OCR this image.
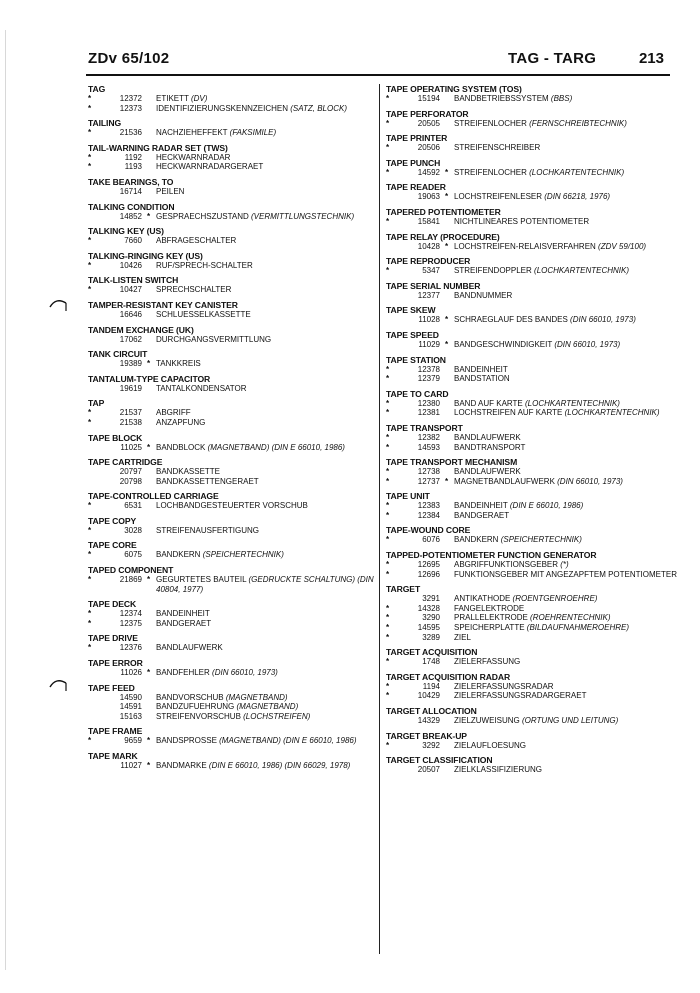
ZDv 65/102	TAG - TARG	213
TAG
*	12372 ETIKETT (DV)
*	12373 IDENTIFIZIERUNGSKENNZEICHEN (SATZ, BLOCK)
TAILING
*	21536 NACHZIEHEFFEKT (FAKSIMILE)
TAIL-WARNING RADAR SET (TWS)
*	1192 HECKWARNRADAR
*	1193 HECKWARNRADARGERAET
TAKE BEARINGS, TO
16714 PEILEN
TALKING CONDITION
14852 * GESPRAECHSZUSTAND (VERMITTLUNGSTECHNIK)
TALKING KEY (US)
*	7660 ABFRAGESCHALTER
TALKING-RINGING KEY (US)
*	10426 RUF/SPRECH-SCHALTER
TALK-LISTEN SWITCH
*	10427 SPRECHSCHALTER
TAMPER-RESISTANT KEY CANISTER
16646 SCHLUESSELKASSETTE
TANDEM EXCHANGE (UK)
17062 DURCHGANGSVERMITTLUNG
TANK CIRCUIT
19389 * TANKKREIS
TANTALUM-TYPE CAPACITOR
19619 TANTALKONDENSATOR
TAP
*	21537 ABGRIFF
*	21538 ANZAPFUNG
TAPE BLOCK
11025 * BANDBLOCK (MAGNETBAND) (DIN E 66010, 1986)
TAPE CARTRIDGE
20797 BANDKASSETTE
20798 BANDKASSETTENGERAET
TAPE-CONTROLLED CARRIAGE
*	6531 LOCHBANDGESTEUERTER VORSCHUB
TAPE COPY
*	3028 STREIFENAUSFERTIGUNG
TAPE CORE
*	6075 BANDKERN (SPEICHERTECHNIK)
TAPED COMPONENT
*	21869 * GEGURTETES BAUTEIL (GEDRUCKTE SCHALTUNG) (DIN 40804, 1977)
TAPE DECK
*	12374 BANDEINHEIT
*	12375 BANDGERAET
TAPE DRIVE
*	12376 BANDLAUFWERK
TAPE ERROR
11026 * BANDFEHLER (DIN 66010, 1973)
TAPE FEED
14590 BANDVORSCHUB (MAGNETBAND)
14591 BANDZUFUEHRUNG (MAGNETBAND)
15163 STREIFENVORSCHUB (LOCHSTREIFEN)
TAPE FRAME
*	9659 * BANDSPROSSE (MAGNETBAND) (DIN E 66010, 1986)
TAPE MARK
11027 * BANDMARKE (DIN E 66010, 1986) (DIN 66029, 1978)
TAPE OPERATING SYSTEM (TOS)
*	15194 BANDBETRIEBSSYSTEM (BBS)
TAPE PERFORATOR
*	20505 STREIFENLOCHER (FERNSCHREIBTECHNIK)
TAPE PRINTER
*	20506 STREIFENSCHREIBER
TAPE PUNCH
*	14592 * STREIFENLOCHER (LOCHKARTENTECHNIK)
TAPE READER
19063 * LOCHSTREIFENLESER (DIN 66218, 1976)
TAPERED POTENTIOMETER
*	15841 NICHTLINEARES POTENTIOMETER
TAPE RELAY (PROCEDURE)
10428 * LOCHSTREIFEN-RELAISVERFAHREN (ZDV 59/100)
TAPE REPRODUCER
*	5347 STREIFENDOPPLER (LOCHKARTENTECHNIK)
TAPE SERIAL NUMBER
12377 BANDNUMMER
TAPE SKEW
11028 * SCHRAEGLAUF DES BANDES (DIN 66010, 1973)
TAPE SPEED
11029 * BANDGESCHWINDIGKEIT (DIN 66010, 1973)
TAPE STATION
*	12378 BANDEINHEIT
*	12379 BANDSTATION
TAPE TO CARD
*	12380 BAND AUF KARTE (LOCHKARTENTECHNIK)
*	12381 LOCHSTREIFEN AUF KARTE (LOCHKARTENTECHNIK)
TAPE TRANSPORT
*	12382 BANDLAUFWERK
*	14593 BANDTRANSPORT
TAPE TRANSPORT MECHANISM
*	12738 BANDLAUFWERK
*	12737 * MAGNETBANDLAUFWERK (DIN 66010, 1973)
TAPE UNIT
*	12383 BANDEINHEIT (DIN E 66010, 1986)
*	12384 BANDGERAET
TAPE-WOUND CORE
*	6076 BANDKERN (SPEICHERTECHNIK)
TAPPED-POTENTIOMETER FUNCTION GENERATOR
*	12695 ABGRIFFUNKTIONSGEBER (*)
*	12696 FUNKTIONSGEBER MIT ANGEZAPFTEM POTENTIOMETER
TARGET
3291 ANTIKATHODE (ROENTGENROEHRE)
*	14328 FANGELEKTRODE
*	3290 PRALLELEKTRODE (ROEHRENTECHNIK)
*	14595 SPEICHERPLATTE (BILDAUFNAHMEROEHRE)
*	3289 ZIEL
TARGET ACQUISITION
*	1748 ZIELERFASSUNG
TARGET ACQUISITION RADAR
*	1194 ZIELERFASSUNGSRADAR
*	10429 ZIELERFASSUNGSRADARGERAET
TARGET ALLOCATION
14329 ZIELZUWEISUNG (ORTUNG UND LEITUNG)
TARGET BREAK-UP
*	3292 ZIELAUFLOESUNG
TARGET CLASSIFICATION
20507 ZIELKLASSIFIZIERUNG
